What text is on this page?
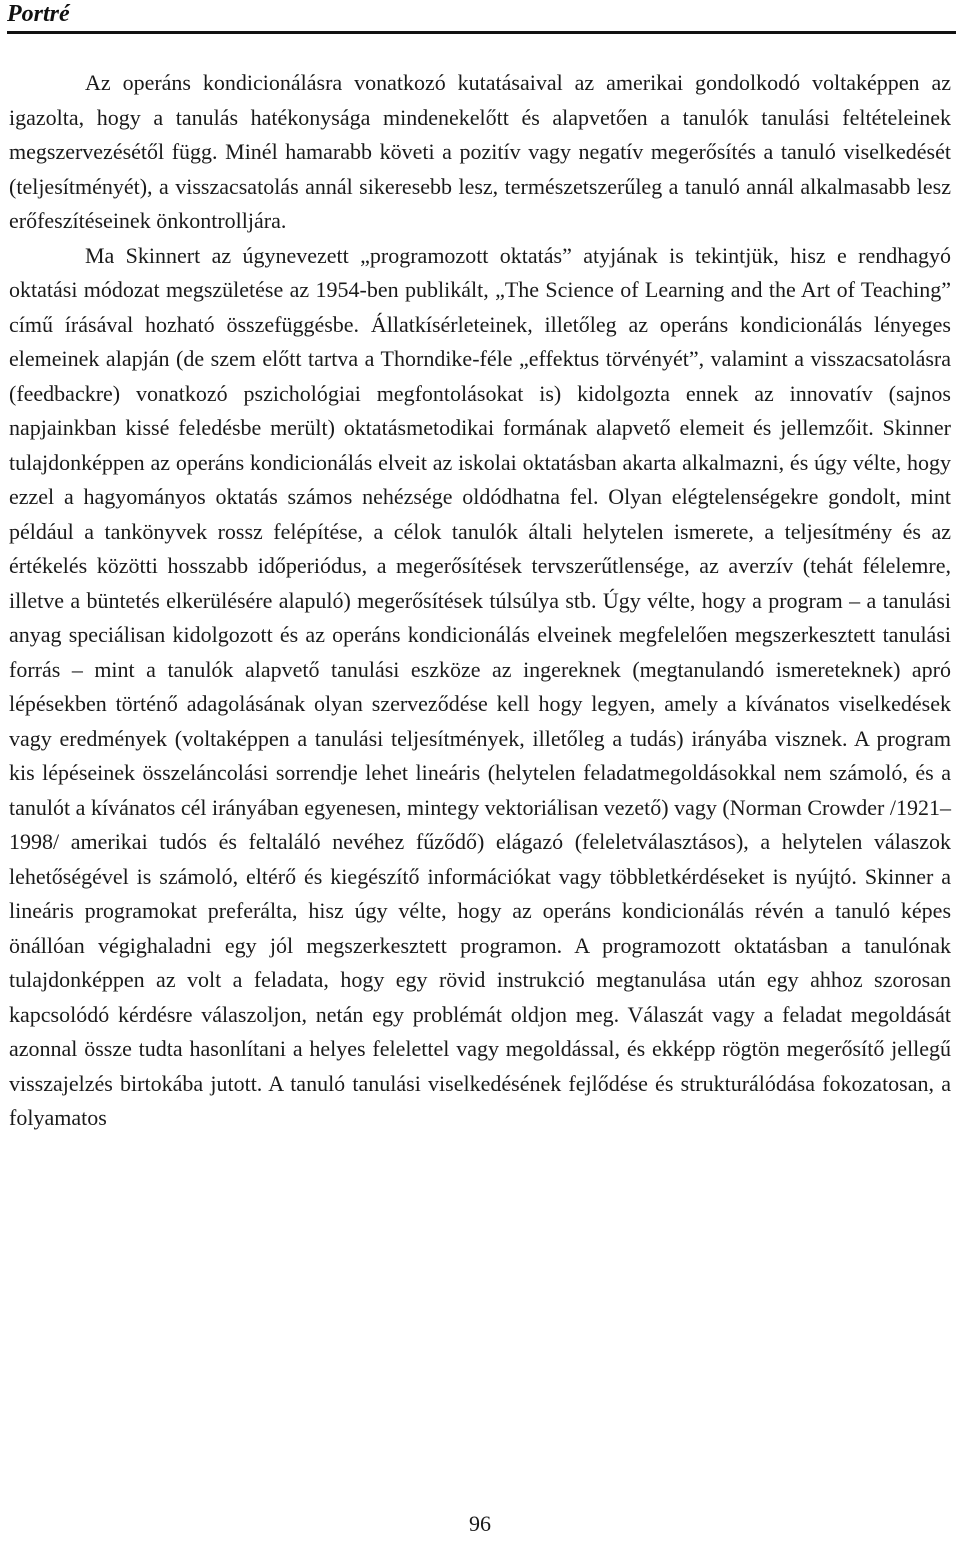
Portré

Az operáns kondicionálásra vonatkozó kutatásaival az amerikai gondolkodó voltaképpen az igazolta, hogy a tanulás hatékonysága mindenekelőtt és alapvetően a tanulók tanulási feltételeinek megszervezésétől függ. Minél hamarabb követi a pozitív vagy negatív megerősítés a tanuló viselkedését (teljesítményét), a visszacsatolás annál sikeresebb lesz, természetszerűleg a tanuló annál alkalmasabb lesz erőfeszítéseinek önkontrolljára.

Ma Skinnert az úgynevezett „programozott oktatás” atyjának is tekintjük, hisz e rendhagyó oktatási módozat megszületése az 1954-ben publikált, „The Science of Learning and the Art of Teaching” című írásával hozható összefüggésbe. Állatkísérleteinek, illetőleg az operáns kondicionálás lényeges elemeinek alapján (de szem előtt tartva a Thorndike-féle „effektus törvényét”, valamint a visszacsatolásra (feedbackre) vonatkozó pszichológiai megfontolásokat is) kidolgozta ennek az innovatív (sajnos napjainkban kissé feledésbe merült) oktatásmetodikai formának alapvető elemeit és jellemzőit. Skinner tulajdonképpen az operáns kondicionálás elveit az iskolai oktatásban akarta alkalmazni, és úgy vélte, hogy ezzel a hagyományos oktatás számos nehézsége oldódhatna fel. Olyan elégtelenségekre gondolt, mint például a tankönyvek rossz felépítése, a célok tanulók általi helytelen ismerete, a teljesítmény és az értékelés közötti hosszabb időperiódus, a megerősítések tervszerűtlensége, az averzív (tehát félelemre, illetve a büntetés elkerülésére alapuló) megerősítések túlsúlya stb. Úgy vélte, hogy a program – a tanulási anyag speciálisan kidolgozott és az operáns kondicionálás elveinek megfelelően megszerkesztett tanulási forrás – mint a tanulók alapvető tanulási eszköze az ingereknek (megtanulandó ismereteknek) apró lépésekben történő adagolásának olyan szerveződése kell hogy legyen, amely a kívánatos viselkedések vagy eredmények (voltaképpen a tanulási teljesítmények, illetőleg a tudás) irányába visznek. A program kis lépéseinek összeláncolási sorrendje lehet lineáris (helytelen feladatmegoldásokkal nem számoló, és a tanulót a kívánatos cél irányában egyenesen, mintegy vektoriálisan vezető) vagy (Norman Crowder /1921–1998/ amerikai tudós és feltaláló nevéhez fűződő) elágazó (feleletválasztásos), a helytelen válaszok lehetőségével is számoló, eltérő és kiegészítő információkat vagy többletkérdéseket is nyújtó. Skinner a lineáris programokat preferálta, hisz úgy vélte, hogy az operáns kondicionálás révén a tanuló képes önállóan végighaladni egy jól megszerkesztett programon. A programozott oktatásban a tanulónak tulajdonképpen az volt a feladata, hogy egy rövid instrukció megtanulása után egy ahhoz szorosan kapcsolódó kérdésre válaszoljon, netán egy problémát oldjon meg. Válaszát vagy a feladat megoldását azonnal össze tudta hasonlítani a helyes felelettel vagy megoldással, és ekképp rögtön megerősítő jellegű visszajelzés birtokába jutott. A tanuló tanulási viselkedésének fejlődése és strukturálódása fokozatosan, a folyamatos

96
